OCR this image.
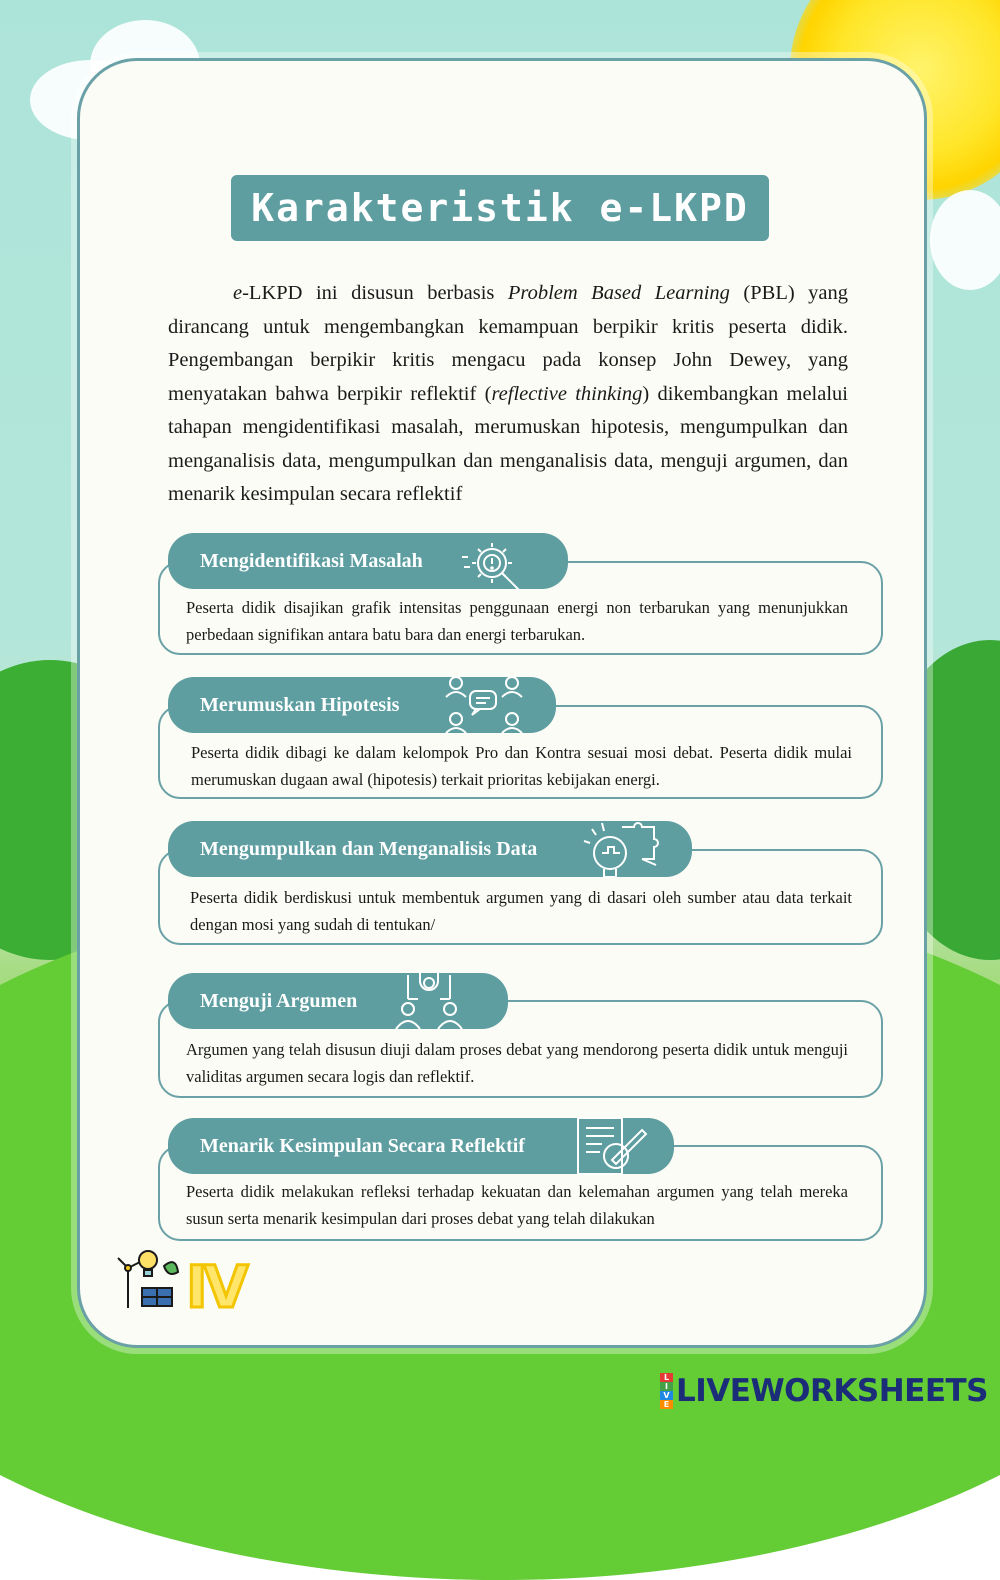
Karakteristik e-LKPD
e-LKPD ini disusun berbasis Problem Based Learning (PBL) yang dirancang untuk mengembangkan kemampuan berpikir kritis peserta didik. Pengembangan berpikir kritis mengacu pada konsep John Dewey, yang menyatakan bahwa berpikir reflektif (reflective thinking) dikembangkan melalui tahapan mengidentifikasi masalah, merumuskan hipotesis, mengumpulkan dan menganalisis data, mengumpulkan dan menganalisis data, menguji argumen, dan menarik kesimpulan secara reflektif
Mengidentifikasi Masalah
Peserta didik disajikan grafik intensitas penggunaan energi non terbarukan yang menunjukkan perbedaan signifikan antara batu bara dan energi terbarukan.
Merumuskan Hipotesis
Peserta didik dibagi ke dalam kelompok Pro dan Kontra sesuai mosi debat. Peserta didik mulai merumuskan dugaan awal (hipotesis) terkait prioritas kebijakan energi.
Mengumpulkan dan Menganalisis Data
Peserta didik berdiskusi untuk membentuk argumen yang di dasari oleh sumber atau data terkait dengan mosi yang sudah di tentukan/
Menguji Argumen
Argumen yang telah disusun diuji dalam proses debat yang mendorong peserta didik untuk menguji validitas argumen secara logis dan reflektif.
Menarik Kesimpulan Secara Reflektif
Peserta didik melakukan refleksi terhadap kekuatan dan kelemahan argumen yang telah mereka susun serta menarik kesimpulan dari proses debat yang telah dilakukan
IV
L
I
V
E LIVEWORKSHEETS
